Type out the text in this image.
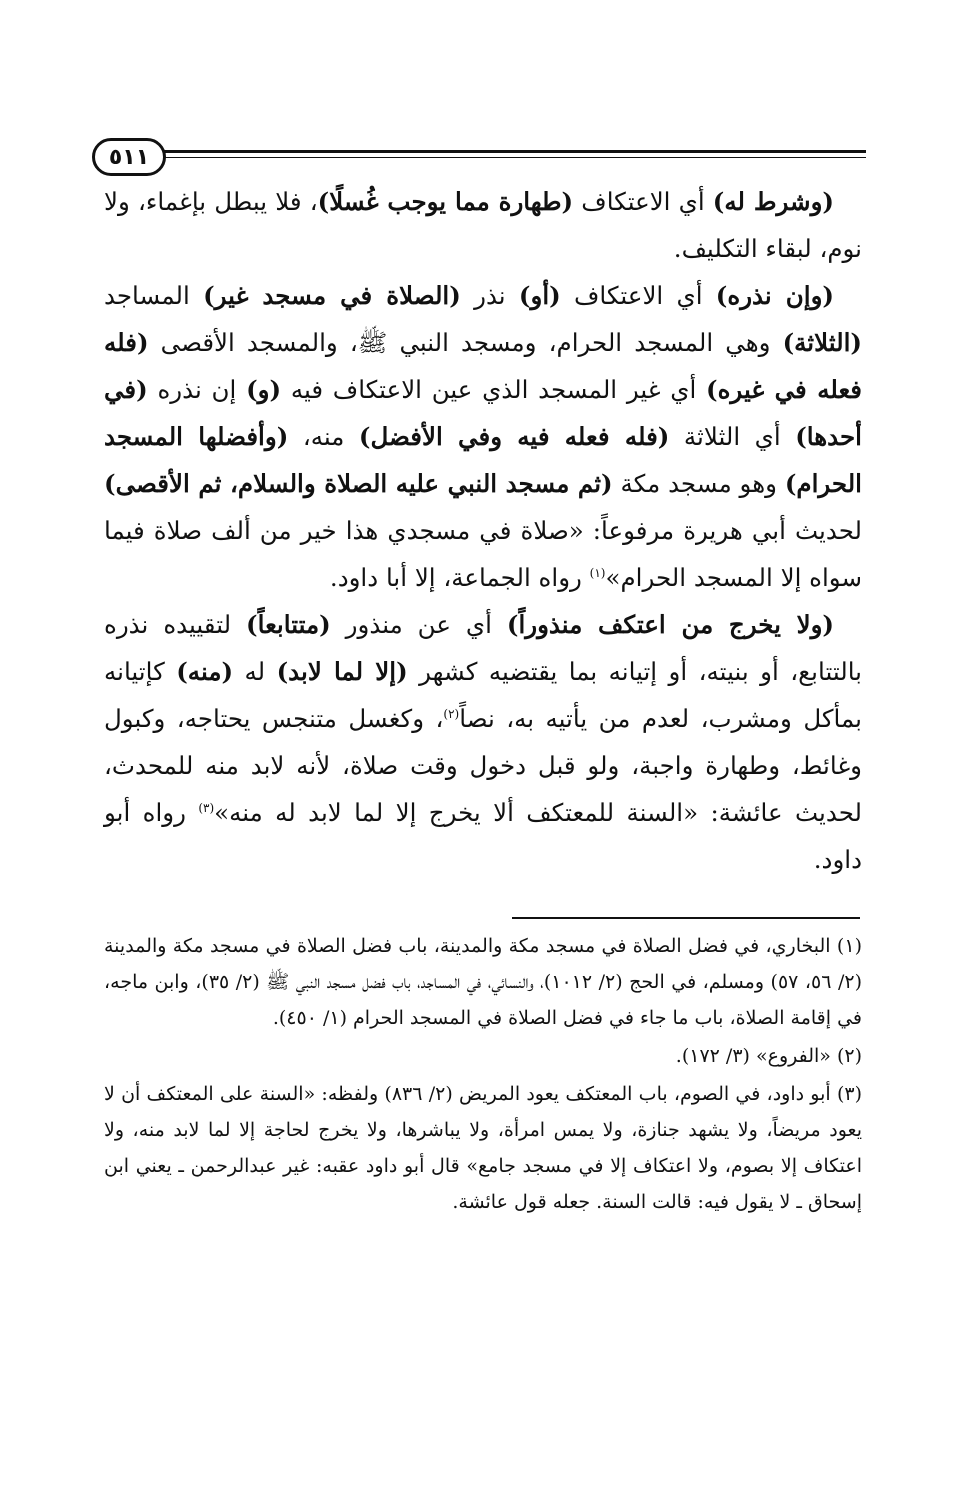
٥١١

(وشرط له) أي الاعتكاف (طهارة مما يوجب غُسلًا)، فلا يبطل بإغماء، ولا نوم، لبقاء التكليف.

(وإن نذره) أي الاعتكاف (أو) نذر (الصلاة في مسجد غير) المساجد (الثلاثة) وهي المسجد الحرام، ومسجد النبي ﷺ، والمسجد الأقصى (فله فعله في غيره) أي غير المسجد الذي عين الاعتكاف فيه (و) إن نذره (في أحدها) أي الثلاثة (فله فعله فيه وفي الأفضل) منه، (وأفضلها المسجد الحرام) وهو مسجد مكة (ثم مسجد النبي عليه الصلاة والسلام، ثم الأقصى) لحديث أبي هريرة مرفوعاً: «صلاة في مسجدي هذا خير من ألف صلاة فيما سواه إلا المسجد الحرام»$^{(١)}$ رواه الجماعة، إلا أبا داود.

(ولا يخرج من اعتكف منذوراً) أي عن منذور (متتابعاً) لتقييده نذره بالتتابع، أو بنيته، أو إتيانه بما يقتضيه كشهر (إلا لما لابد) له (منه) كإتيانه بمأكل ومشرب، لعدم من يأتيه به، نصاً$^{(٢)}$، وكغسل متنجس يحتاجه، وكبول وغائط، وطهارة واجبة، ولو قبل دخول وقت صلاة، لأنه لابد منه للمحدث، لحديث عائشة: «السنة للمعتكف ألا يخرج إلا لما لابد له منه»$^{(٣)}$ رواه أبو داود.

(١) البخاري، في فضل الصلاة في مسجد مكة والمدينة، باب فضل الصلاة في مسجد مكة والمدينة (٢/ ٥٦، ٥٧) ومسلم، في الحج (٢/ ١٠١٢)، والنسائي، في المساجد، باب فضل مسجد النبي ﷺ (٢/ ٣٥)، وابن ماجه، في إقامة الصلاة، باب ما جاء في فضل الصلاة في المسجد الحرام (١/ ٤٥٠).

(٢) «الفروع» (٣/ ١٧٢).

(٣) أبو داود، في الصوم، باب المعتكف يعود المريض (٢/ ٨٣٦) ولفظه: «السنة على المعتكف أن لا يعود مريضاً، ولا يشهد جنازة، ولا يمس امرأة، ولا يباشرها، ولا يخرج لحاجة إلا لما لابد منه، ولا اعتكاف إلا بصوم، ولا اعتكاف إلا في مسجد جامع» قال أبو داود عقبه: غير عبدالرحمن ـ يعني ابن إسحاق ـ لا يقول فيه: قالت السنة. جعله قول عائشة.
